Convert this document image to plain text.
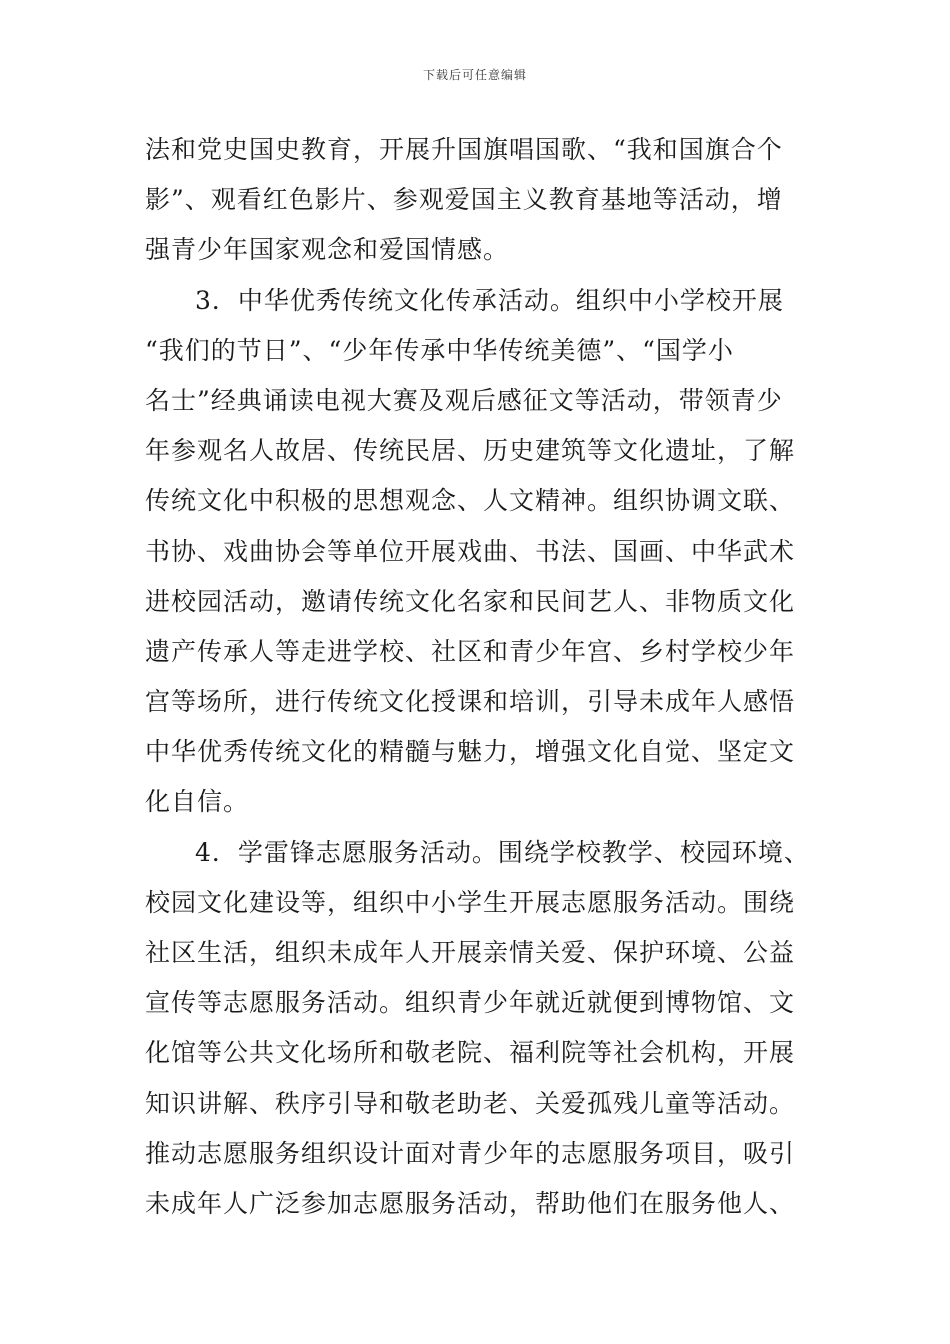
下载后可任意编辑
法和党史国史教育，开展升国旗唱国歌、“我和国旗合个
影”、观看红色影片、参观爱国主义教育基地等活动，增
强青少年国家观念和爱国情感。
3．中华优秀传统文化传承活动。组织中小学校开展
“我们的节日”、“少年传承中华传统美德”、“国学小
名士”经典诵读电视大赛及观后感征文等活动，带领青少
年参观名人故居、传统民居、历史建筑等文化遗址，了解
传统文化中积极的思想观念、人文精神。组织协调文联、
书协、戏曲协会等单位开展戏曲、书法、国画、中华武术
进校园活动，邀请传统文化名家和民间艺人、非物质文化
遗产传承人等走进学校、社区和青少年宫、乡村学校少年
宫等场所，进行传统文化授课和培训，引导未成年人感悟
中华优秀传统文化的精髓与魅力，增强文化自觉、坚定文
化自信。
4．学雷锋志愿服务活动。围绕学校教学、校园环境、
校园文化建设等，组织中小学生开展志愿服务活动。围绕
社区生活，组织未成年人开展亲情关爱、保护环境、公益
宣传等志愿服务活动。组织青少年就近就便到博物馆、文
化馆等公共文化场所和敬老院、福利院等社会机构，开展
知识讲解、秩序引导和敬老助老、关爱孤残儿童等活动。
推动志愿服务组织设计面对青少年的志愿服务项目，吸引
未成年人广泛参加志愿服务活动，帮助他们在服务他人、
